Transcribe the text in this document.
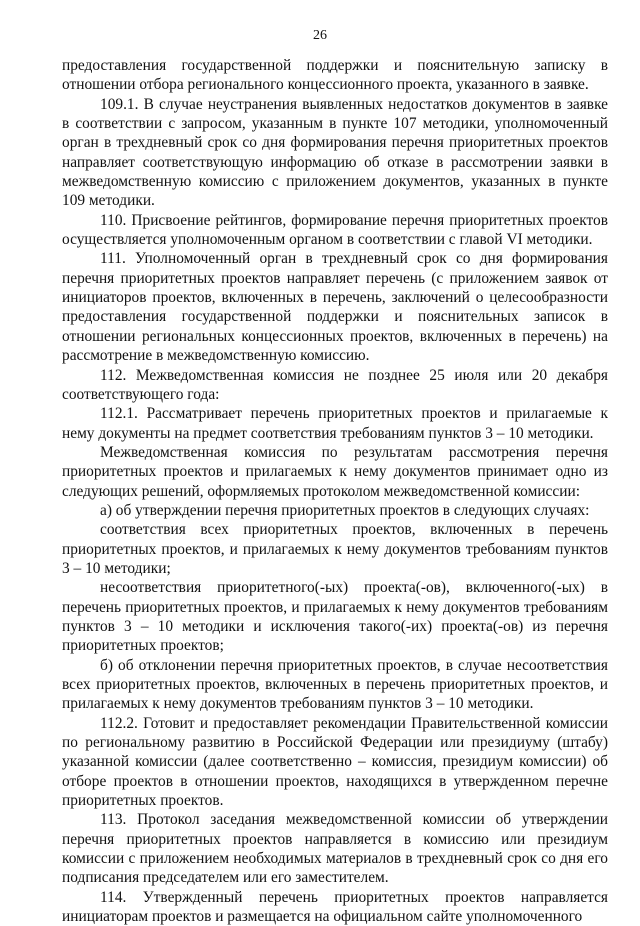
26

предоставления государственной поддержки и пояснительную записку в отношении отбора регионального концессионного проекта, указанного в заявке.

109.1. В случае неустранения выявленных недостатков документов в заявке в соответствии с запросом, указанным в пункте 107 методики, уполномоченный орган в трехдневный срок со дня формирования перечня приоритетных проектов направляет соответствующую информацию об отказе в рассмотрении заявки в межведомственную комиссию с приложением документов, указанных в пункте 109 методики.

110. Присвоение рейтингов, формирование перечня приоритетных проектов осуществляется уполномоченным органом в соответствии с главой VI методики.

111. Уполномоченный орган в трехдневный срок со дня формирования перечня приоритетных проектов направляет перечень (с приложением заявок от инициаторов проектов, включенных в перечень, заключений о целесообразности предоставления государственной поддержки и пояснительных записок в отношении региональных концессионных проектов, включенных в перечень) на рассмотрение в межведомственную комиссию.

112. Межведомственная комиссия не позднее 25 июля или 20 декабря соответствующего года:

112.1. Рассматривает перечень приоритетных проектов и прилагаемые к нему документы на предмет соответствия требованиям пунктов 3 – 10 методики.

Межведомственная комиссия по результатам рассмотрения перечня приоритетных проектов и прилагаемых к нему документов принимает одно из следующих решений, оформляемых протоколом межведомственной комиссии:

а) об утверждении перечня приоритетных проектов в следующих случаях:

соответствия всех приоритетных проектов, включенных в перечень приоритетных проектов, и прилагаемых к нему документов требованиям пунктов 3 – 10 методики;

несоответствия приоритетного(-ых) проекта(-ов), включенного(-ых) в перечень приоритетных проектов, и прилагаемых к нему документов требованиям пунктов 3 – 10 методики и исключения такого(-их) проекта(-ов) из перечня приоритетных проектов;

б) об отклонении перечня приоритетных проектов, в случае несоответствия всех приоритетных проектов, включенных в перечень приоритетных проектов, и прилагаемых к нему документов требованиям пунктов 3 – 10 методики.

112.2. Готовит и предоставляет рекомендации Правительственной комиссии по региональному развитию в Российской Федерации или президиуму (штабу) указанной комиссии (далее соответственно – комиссия, президиум комиссии) об отборе проектов в отношении проектов, находящихся в утвержденном перечне приоритетных проектов.

113. Протокол заседания межведомственной комиссии об утверждении перечня приоритетных проектов направляется в комиссию или президиум комиссии с приложением необходимых материалов в трехдневный срок со дня его подписания председателем или его заместителем.

114. Утвержденный перечень приоритетных проектов направляется инициаторам проектов и размещается на официальном сайте уполномоченного
